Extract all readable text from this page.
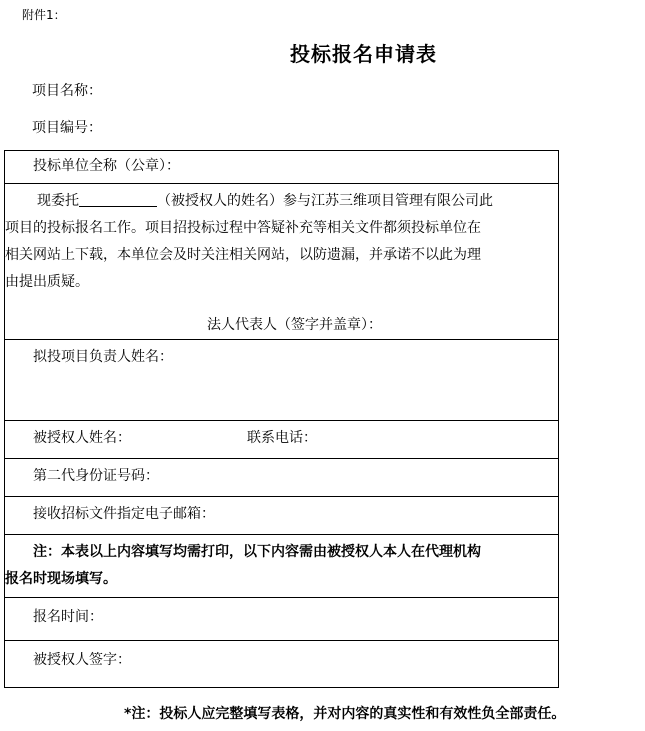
附件1：
投标报名申请表
项目名称：
项目编号：
投标单位全称（公章）：

现委托	（被授权人的姓名）参与江苏三维项目管理有限公司此
项目的投标报名工作。项目招投标过程中答疑补充等相关文件都须投标单位在
相关网站上下载，本单位会及时关注相关网站，以防遗漏，并承诺不以此为理
由提出质疑。
法人代表人（签字并盖章）：

拟投项目负责人姓名：

被授权人姓名：	联系电话：

第二代身份证号码：

接收招标文件指定电子邮箱：

注：本表以上内容填写均需打印，以下内容需由被授权人本人在代理机构
报名时现场填写。

报名时间：

被授权人签字：
*注：投标人应完整填写表格，并对内容的真实性和有效性负全部责任。
